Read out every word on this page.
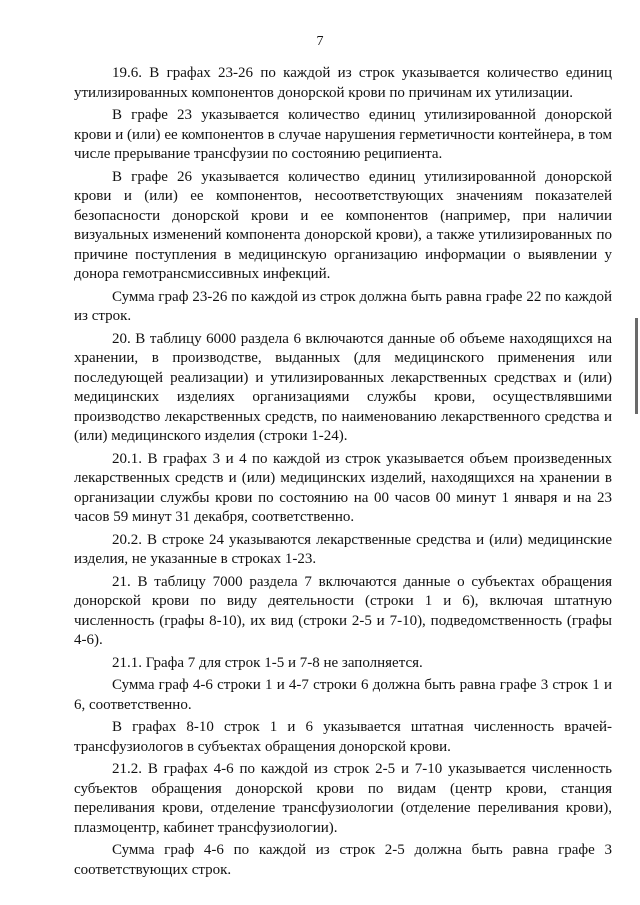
7

19.6. В графах 23-26 по каждой из строк указывается количество единиц утилизированных компонентов донорской крови по причинам их утилизации.

В графе 23 указывается количество единиц утилизированной донорской крови и (или) ее компонентов в случае нарушения герметичности контейнера, в том числе прерывание трансфузии по состоянию реципиента.

В графе 26 указывается количество единиц утилизированной донорской крови и (или) ее компонентов, несоответствующих значениям показателей безопасности донорской крови и ее компонентов (например, при наличии визуальных изменений компонента донорской крови), а также утилизированных по причине поступления в медицинскую организацию информации о выявлении у донора гемотрансмиссивных инфекций.

Сумма граф 23-26 по каждой из строк должна быть равна графе 22 по каждой из строк.

20. В таблицу 6000 раздела 6 включаются данные об объеме находящихся на хранении, в производстве, выданных (для медицинского применения или последующей реализации) и утилизированных лекарственных средствах и (или) медицинских изделиях организациями службы крови, осуществлявшими производство лекарственных средств, по наименованию лекарственного средства и (или) медицинского изделия (строки 1-24).

20.1. В графах 3 и 4 по каждой из строк указывается объем произведенных лекарственных средств и (или) медицинских изделий, находящихся на хранении в организации службы крови по состоянию на 00 часов 00 минут 1 января и на 23 часов 59 минут 31 декабря, соответственно.

20.2. В строке 24 указываются лекарственные средства и (или) медицинские изделия, не указанные в строках 1-23.

21. В таблицу 7000 раздела 7 включаются данные о субъектах обращения донорской крови по виду деятельности (строки 1 и 6), включая штатную численность (графы 8-10), их вид (строки 2-5 и 7-10), подведомственность (графы 4-6).

21.1. Графа 7 для строк 1-5 и 7-8 не заполняется.

Сумма граф 4-6 строки 1 и 4-7 строки 6 должна быть равна графе 3 строк 1 и 6, соответственно.

В графах 8-10 строк 1 и 6 указывается штатная численность врачей-трансфузиологов в субъектах обращения донорской крови.

21.2. В графах 4-6 по каждой из строк 2-5 и 7-10 указывается численность субъектов обращения донорской крови по видам (центр крови, станция переливания крови, отделение трансфузиологии (отделение переливания крови), плазмоцентр, кабинет трансфузиологии).

Сумма граф 4-6 по каждой из строк 2-5 должна быть равна графе 3 соответствующих строк.
